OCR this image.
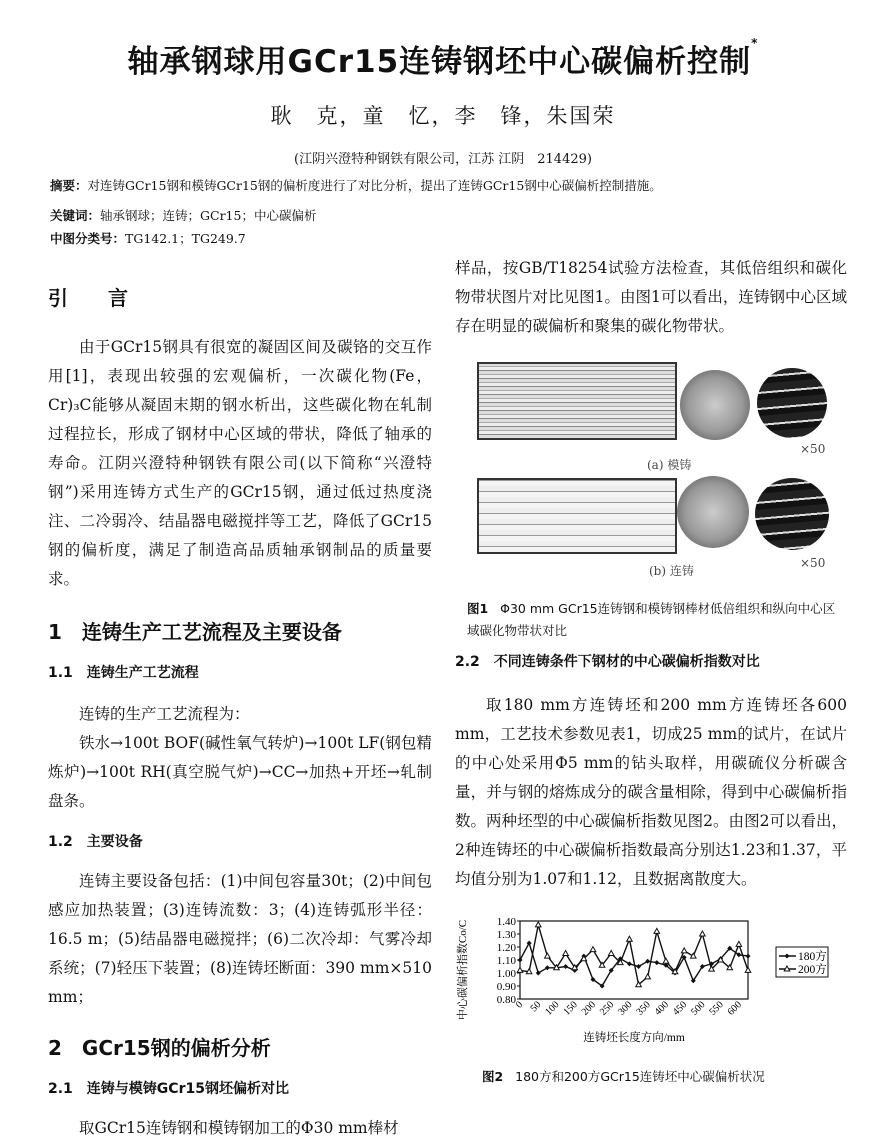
轴承钢球用GCr15连铸钢坯中心碳偏析控制*
耿　克，童　忆，李　锋，朱国荣
(江阴兴澄特种钢铁有限公司，江苏 江阴　214429)
摘要：对连铸GCr15钢和模铸GCr15钢的偏析度进行了对比分析，提出了连铸GCr15钢中心碳偏析控制措施。
关键词：轴承钢球；连铸；GCr15；中心碳偏析
中图分类号：TG142.1；TG249.7
引　言

由于GCr15钢具有很宽的凝固区间及碳铬的交互作用[1]，表现出较强的宏观偏析，一次碳化物(Fe，Cr)₃C能够从凝固末期的钢水析出，这些碳化物在轧制过程拉长，形成了钢材中心区域的带状，降低了轴承的寿命。江阴兴澄特种钢铁有限公司(以下简称“兴澄特钢”)采用连铸方式生产的GCr15钢，通过低过热度浇注、二冷弱冷、结晶器电磁搅拌等工艺，降低了GCr15钢的偏析度，满足了制造高品质轴承钢制品的质量要求。

1　连铸生产工艺流程及主要设备
1.1　连铸生产工艺流程

连铸的生产工艺流程为：

铁水→100t BOF(碱性氧气转炉)→100t LF(钢包精炼炉)→100t RH(真空脱气炉)→CC→加热+开坯→轧制盘条。

1.2　主要设备

连铸主要设备包括：(1)中间包容量30t；(2)中间包感应加热装置；(3)连铸流数：3；(4)连铸弧形半径：16.5 m；(5)结晶器电磁搅拌；(6)二次冷却：气雾冷却系统；(7)轻压下装置；(8)连铸坯断面：390 mm×510 mm；

2　GCr15钢的偏析分析
2.1　连铸与模铸GCr15钢坯偏析对比

取GCr15连铸钢和模铸钢加工的Φ30 mm棒材

样品，按GB/T18254试验方法检查，其低倍组织和碳化物带状图片对比见图1。由图1可以看出，连铸钢中心区域存在明显的碳偏析和聚集的碳化物带状。

×50
(a) 模铸
×50
(b) 连铸
图1 Φ30 mm GCr15连铸钢和模铸钢棒材低倍组织和纵向中心区域碳化物带状对比
2.2　不同连铸条件下钢材的中心碳偏析指数对比

取180 mm方连铸坯和200 mm方连铸坯各600 mm，工艺技术参数见表1，切成25 mm的试片，在试片的中心处采用Φ5 mm的钻头取样，用碳硫仪分析碳含量，并与钢的熔炼成分的碳含量相除，得到中心碳偏析指数。两种坯型的中心碳偏析指数见图2。由图2可以看出，2种连铸坯的中心碳偏析指数最高分别达1.23和1.37，平均值分别为1.07和1.12，且数据离散度大。

0.80
0.90
1.00
1.10
1.20
1.30
1.40
0 50 100 150 200 250 300 350 400 450 500 550 600
连铸坯长度方向/mm
中心碳偏析指数Co/C	180方
200方
图2 180方和200方GCr15连铸坯中心碳偏析状况
